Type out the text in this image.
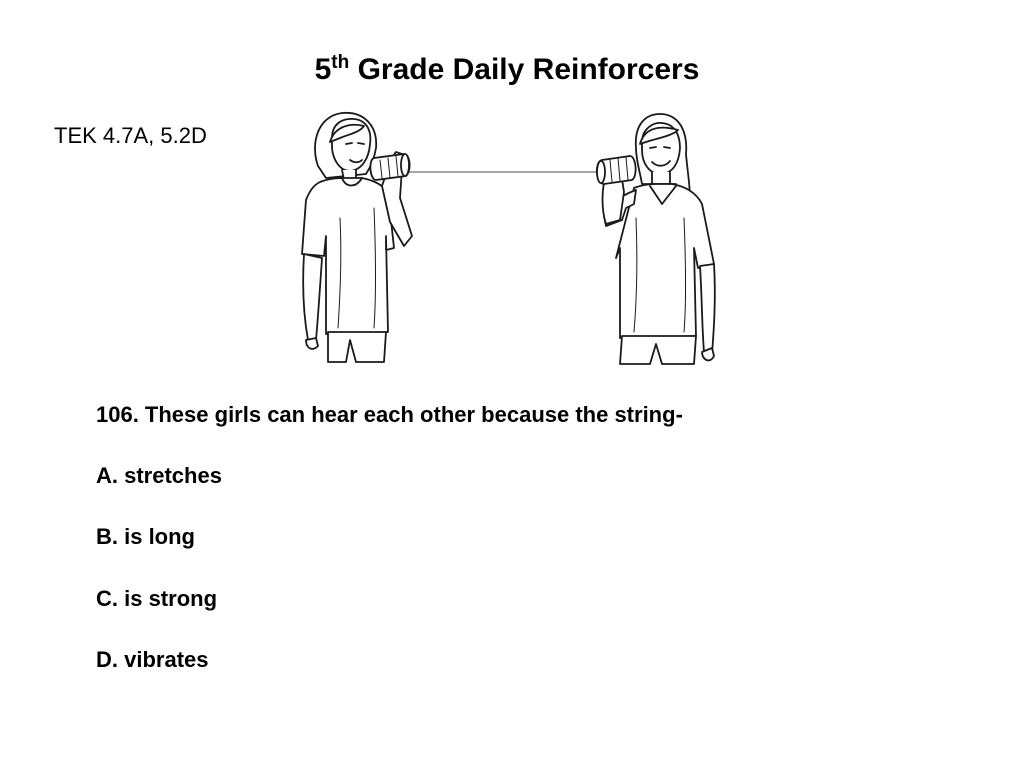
5th Grade Daily Reinforcers
TEK 4.7A, 5.2D
106. These girls can hear each other because the string-
A. stretches
B. is long
C. is strong
D. vibrates
